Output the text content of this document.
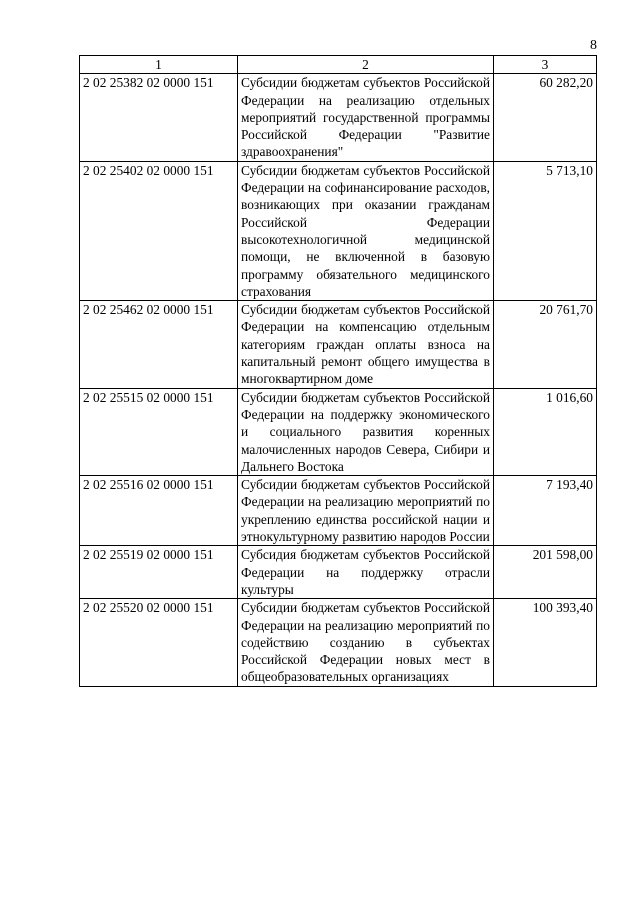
8
1	2	3
2 02 25382 02 0000 151	Субсидии бюджетам субъектов Российской Федерации на реализацию отдельных мероприятий государственной программы Российской Федерации "Развитие здравоохранения"	60 282,20
2 02 25402 02 0000 151	Субсидии бюджетам субъектов Российской Федерации на софинансирование расходов, возникающих при оказании гражданам Российской Федерации высокотехнологичной медицинской помощи, не включенной в базовую программу обязательного медицинского страхования	5 713,10
2 02 25462 02 0000 151	Субсидии бюджетам субъектов Российской Федерации на компенсацию отдельным категориям граждан оплаты взноса на капитальный ремонт общего имущества в многоквартирном доме	20 761,70
2 02 25515 02 0000 151	Субсидии бюджетам субъектов Российской Федерации на поддержку экономического и социального развития коренных малочисленных народов Севера, Сибири и Дальнего Востока	1 016,60
2 02 25516 02 0000 151	Субсидии бюджетам субъектов Российской Федерации на реализацию мероприятий по укреплению единства российской нации и этнокультурному развитию народов России	7 193,40
2 02 25519 02 0000 151	Субсидия бюджетам субъектов Российской Федерации на поддержку отрасли культуры	201 598,00
2 02 25520 02 0000 151	Субсидии бюджетам субъектов Российской Федерации на реализацию мероприятий по содействию созданию в субъектах Российской Федерации новых мест в общеобразовательных организациях	100 393,40
